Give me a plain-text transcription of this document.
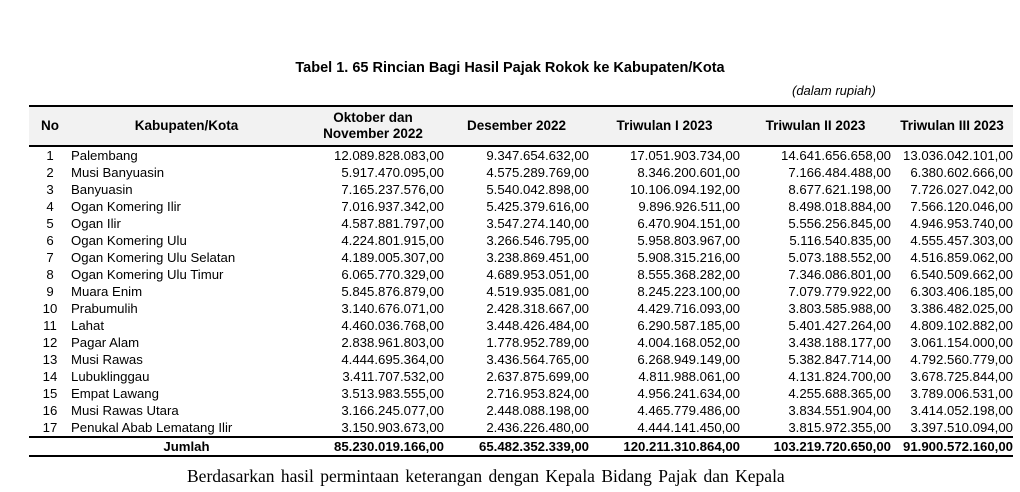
Tabel 1. 65 Rincian Bagi Hasil Pajak Rokok ke Kabupaten/Kota
(dalam rupiah)
No	Kabupaten/Kota	Oktober dan November 2022	Desember 2022	Triwulan I 2023	Triwulan II 2023	Triwulan III 2023
1	Palembang	12.089.828.083,00	9.347.654.632,00	17.051.903.734,00	14.641.656.658,00	13.036.042.101,00
2	Musi Banyuasin	5.917.470.095,00	4.575.289.769,00	8.346.200.601,00	7.166.484.488,00	6.380.602.666,00
3	Banyuasin	7.165.237.576,00	5.540.042.898,00	10.106.094.192,00	8.677.621.198,00	7.726.027.042,00
4	Ogan Komering Ilir	7.016.937.342,00	5.425.379.616,00	9.896.926.511,00	8.498.018.884,00	7.566.120.046,00
5	Ogan Ilir	4.587.881.797,00	3.547.274.140,00	6.470.904.151,00	5.556.256.845,00	4.946.953.740,00
6	Ogan Komering Ulu	4.224.801.915,00	3.266.546.795,00	5.958.803.967,00	5.116.540.835,00	4.555.457.303,00
7	Ogan Komering Ulu Selatan	4.189.005.307,00	3.238.869.451,00	5.908.315.216,00	5.073.188.552,00	4.516.859.062,00
8	Ogan Komering Ulu Timur	6.065.770.329,00	4.689.953.051,00	8.555.368.282,00	7.346.086.801,00	6.540.509.662,00
9	Muara Enim	5.845.876.879,00	4.519.935.081,00	8.245.223.100,00	7.079.779.922,00	6.303.406.185,00
10	Prabumulih	3.140.676.071,00	2.428.318.667,00	4.429.716.093,00	3.803.585.988,00	3.386.482.025,00
11	Lahat	4.460.036.768,00	3.448.426.484,00	6.290.587.185,00	5.401.427.264,00	4.809.102.882,00
12	Pagar Alam	2.838.961.803,00	1.778.952.789,00	4.004.168.052,00	3.438.188.177,00	3.061.154.000,00
13	Musi Rawas	4.444.695.364,00	3.436.564.765,00	6.268.949.149,00	5.382.847.714,00	4.792.560.779,00
14	Lubuklinggau	3.411.707.532,00	2.637.875.699,00	4.811.988.061,00	4.131.824.700,00	3.678.725.844,00
15	Empat Lawang	3.513.983.555,00	2.716.953.824,00	4.956.241.634,00	4.255.688.365,00	3.789.006.531,00
16	Musi Rawas Utara	3.166.245.077,00	2.448.088.198,00	4.465.779.486,00	3.834.551.904,00	3.414.052.198,00
17	Penukal Abab Lematang Ilir	3.150.903.673,00	2.436.226.480,00	4.444.141.450,00	3.815.972.355,00	3.397.510.094,00
	Jumlah	85.230.019.166,00	65.482.352.339,00	120.211.310.864,00	103.219.720.650,00	91.900.572.160,00
Berdasarkan hasil permintaan keterangan dengan Kepala Bidang Pajak dan Kepala
